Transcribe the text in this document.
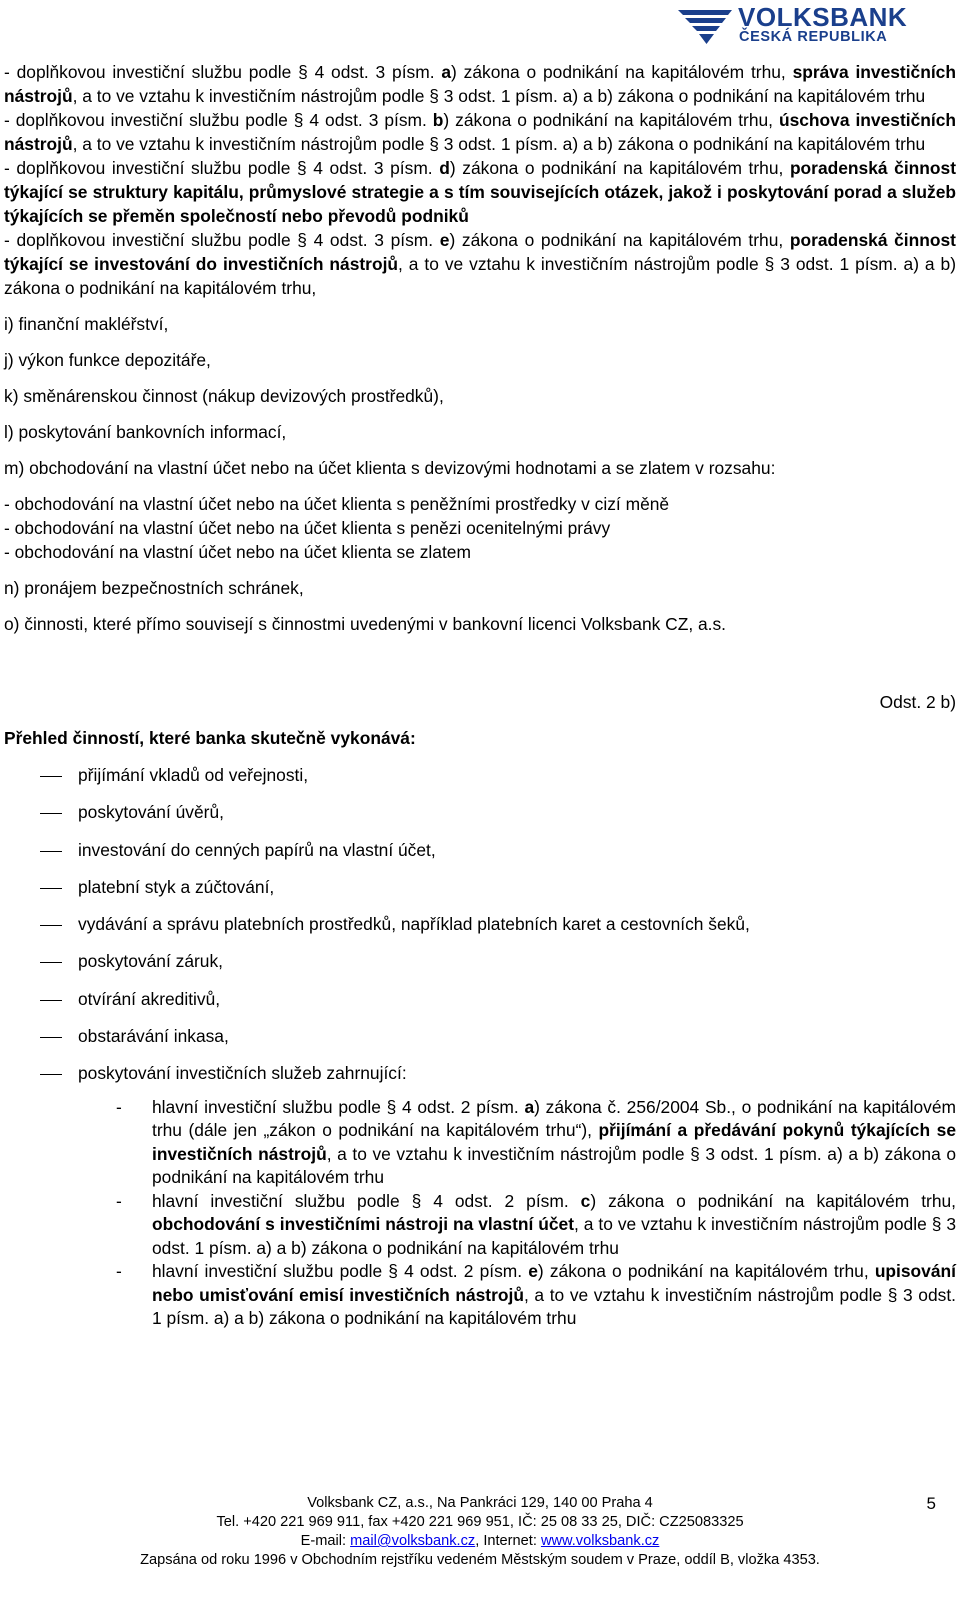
VOLKSBANK
ČESKÁ REPUBLIKA

- doplňkovou investiční službu podle § 4 odst. 3 písm. a) zákona o podnikání na kapitálovém trhu, správa investičních nástrojů, a to ve vztahu k investičním nástrojům podle § 3 odst. 1 písm. a) a b) zákona o podnikání na kapitálovém trhu

- doplňkovou investiční službu podle § 4 odst. 3 písm. b) zákona o podnikání na kapitálovém trhu, úschova investičních nástrojů, a to ve vztahu k investičním nástrojům podle § 3 odst. 1 písm. a) a b) zákona o podnikání na kapitálovém trhu

- doplňkovou investiční službu podle § 4 odst. 3 písm. d) zákona o podnikání na kapitálovém trhu, poradenská činnost týkající se struktury kapitálu, průmyslové strategie a s tím souvisejících otázek, jakož i poskytování porad a služeb týkajících se přeměn společností nebo převodů podniků

- doplňkovou investiční službu podle § 4 odst. 3 písm. e) zákona o podnikání na kapitálovém trhu, poradenská činnost týkající se investování do investičních nástrojů, a to ve vztahu k investičním nástrojům podle § 3 odst. 1 písm. a) a b) zákona o podnikání na kapitálovém trhu,

i) finanční makléřství,

j) výkon funkce depozitáře,

k) směnárenskou činnost (nákup devizových prostředků),

l) poskytování bankovních informací,

m) obchodování na vlastní účet nebo na účet klienta s devizovými hodnotami a se zlatem v rozsahu:

- obchodování na vlastní účet nebo na účet klienta s peněžními prostředky v cizí měně

- obchodování na vlastní účet nebo na účet klienta s penězi ocenitelnými právy

- obchodování na vlastní účet nebo na účet klienta se zlatem

n) pronájem bezpečnostních schránek,

o) činnosti, které přímo souvisejí s činnostmi uvedenými v bankovní licenci Volksbank CZ, a.s.

Odst. 2 b)

Přehled činností, které banka skutečně vykonává:

přijímání vkladů od veřejnosti,
poskytování úvěrů,
investování do cenných papírů na vlastní účet,
platební styk a zúčtování,
vydávání a správu platebních prostředků, například platebních karet a cestovních šeků,
poskytování záruk,
otvírání akreditivů,
obstarávání inkasa,
poskytování investičních služeb zahrnující:
-	hlavní investiční službu podle § 4 odst. 2 písm. a) zákona č. 256/2004 Sb., o podnikání na kapitálovém trhu (dále jen „zákon o podnikání na kapitálovém trhu“), přijímání a předávání pokynů týkajících se investičních nástrojů, a to ve vztahu k investičním nástrojům podle § 3 odst. 1 písm. a) a b) zákona o podnikání na kapitálovém trhu
-	hlavní investiční službu podle § 4 odst. 2 písm. c) zákona o podnikání na kapitálovém trhu, obchodování s investičními nástroji na vlastní účet, a to ve vztahu k investičním nástrojům podle § 3 odst. 1 písm. a) a b) zákona o podnikání na kapitálovém trhu
-	hlavní investiční službu podle § 4 odst. 2 písm. e) zákona o podnikání na kapitálovém trhu, upisování nebo umisťování emisí investičních nástrojů, a to ve vztahu k investičním nástrojům podle § 3 odst. 1 písm. a) a b) zákona o podnikání na kapitálovém trhu
Volksbank CZ, a.s., Na Pankráci 129, 140 00 Praha 4
Tel. +420 221 969 911, fax +420 221 969 951, IČ: 25 08 33 25, DIČ: CZ25083325
E-mail: mail@volksbank.cz, Internet: www.volksbank.cz
Zapsána od roku 1996 v Obchodním rejstříku vedeném Městským soudem v Praze, oddíl B, vložka 4353.
5
